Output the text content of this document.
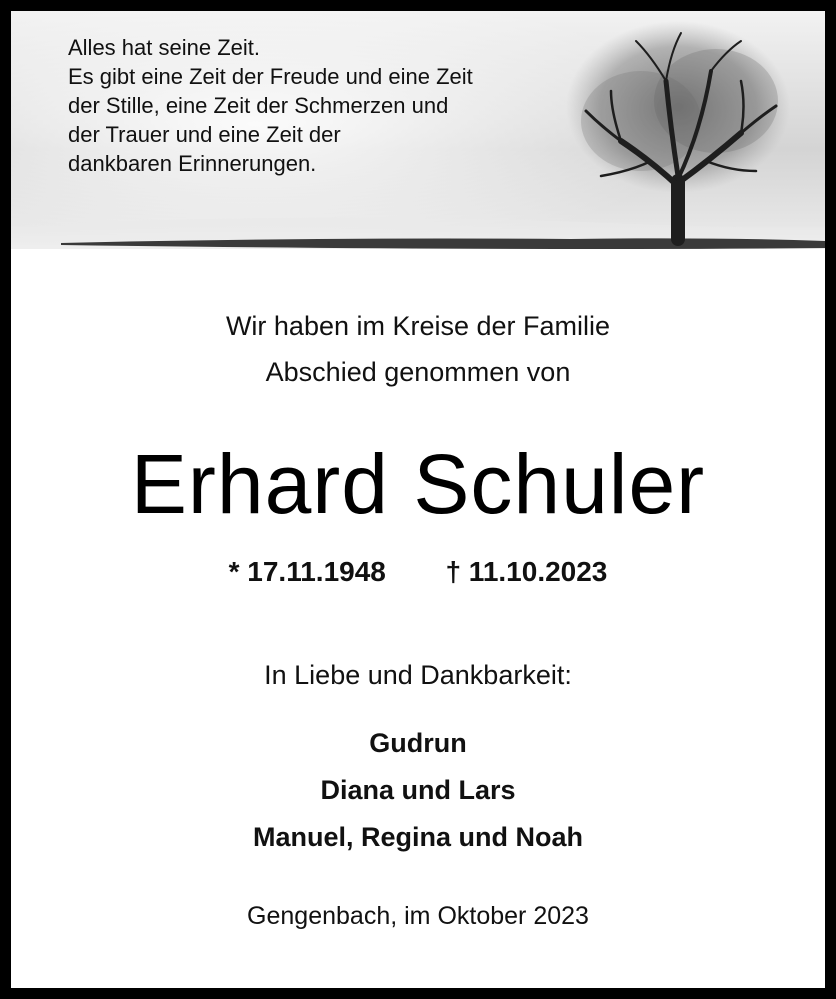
Alles hat seine Zeit.
Es gibt eine Zeit der Freude und eine Zeit
der Stille, eine Zeit der Schmerzen und
der Trauer und eine Zeit der
dankbaren Erinnerungen.
Wir haben im Kreise der Familie
Abschied genommen von
Erhard Schuler
* 17.11.1948 † 11.10.2023
In Liebe und Dankbarkeit:
Gudrun
Diana und Lars
Manuel, Regina und Noah
Gengenbach, im Oktober 2023
